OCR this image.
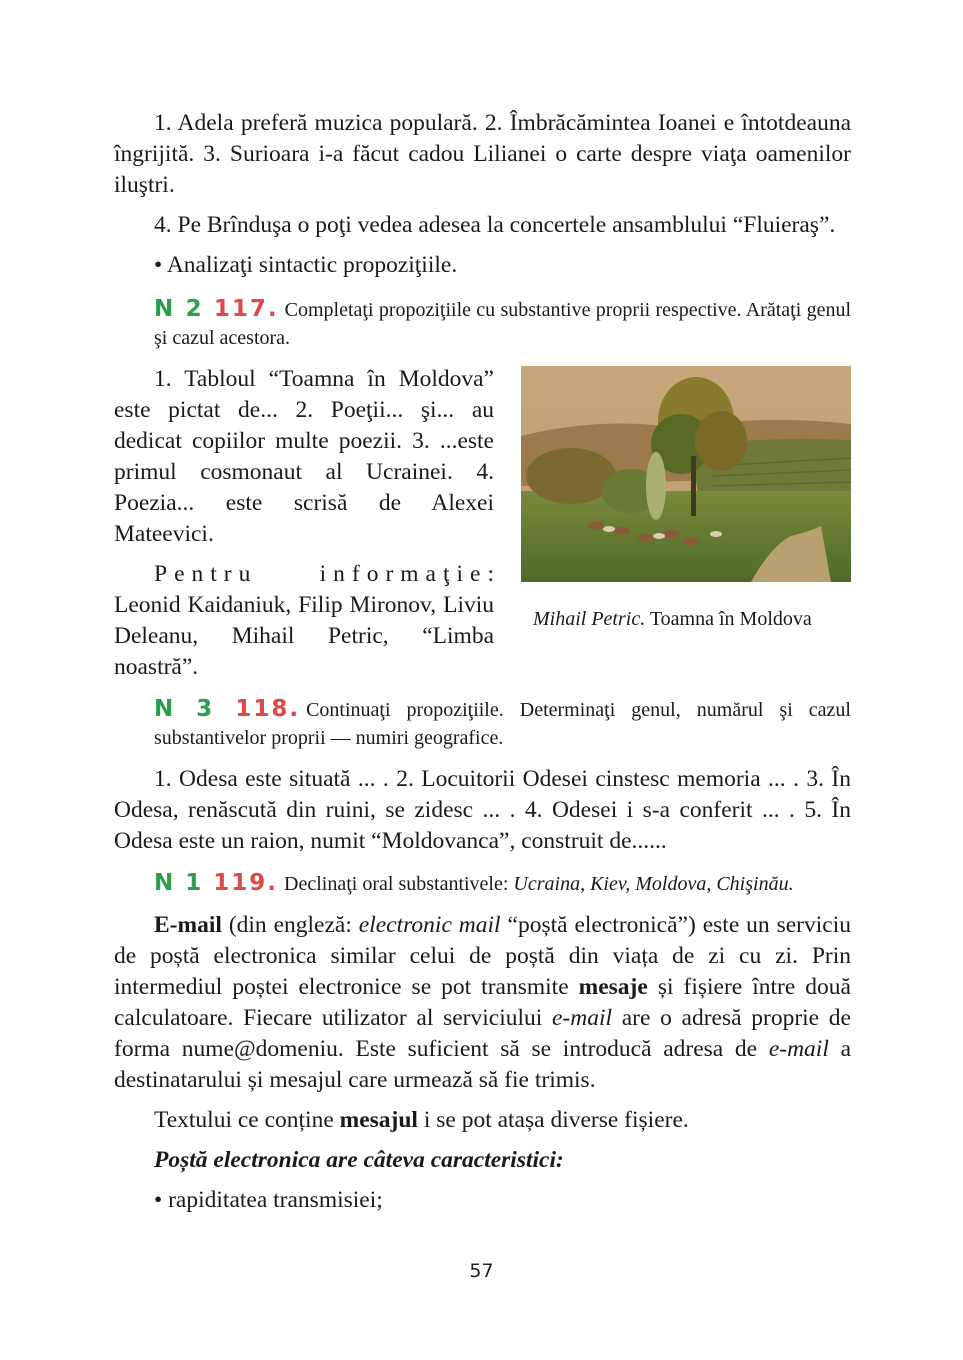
1. Adela preferă muzica populară. 2. Îmbrăcămintea Ioanei e întotdeauna îngrijită. 3. Surioara i-a făcut cadou Lilianei o carte despre viaţa oamenilor iluştri.

4. Pe Brînduşa o poţi vedea adesea la concertele ansamblului “Fluieraş”.

• Analizaţi sintactic propoziţiile.

N 2 117. Completaţi propoziţiile cu substantive proprii respective. Arătaţi genul şi cazul acestora.

1. Tabloul “Toamna în Moldova” este pictat de... 2. Poeţii... şi... au dedicat copiilor multe poezii. 3. ...este primul cosmonaut al Ucrainei. 4. Poezia... este scrisă de Alexei Mateevici.

Pentru informaţie: Leonid Kaidaniuk, Filip Mironov, Liviu Deleanu, Mihail Petric, “Limba noastră”.

Mihail Petric. Toamna în Moldova

N 3 118. Continuaţi propoziţiile. Determinaţi genul, numărul şi cazul substantivelor proprii — numiri geografice.

1. Odesa este situată ... . 2. Locuitorii Odesei cinstesc memoria ... . 3. În Odesa, renăscută din ruini, se zidesc ... . 4. Odesei i s-a conferit ... . 5. În Odesa este un raion, numit “Moldovanca”, construit de......

N 1 119. Declinaţi oral substantivele: Ucraina, Kiev, Moldova, Chişinău.

E-mail (din engleză: electronic mail “poștă electronică”) este un serviciu de poștă electronica similar celui de poștă din viața de zi cu zi. Prin intermediul poștei electronice se pot transmite mesaje și fișiere între două calculatoare. Fiecare utilizator al serviciului e-mail are o adresă proprie de forma nume@domeniu. Este suficient să se introducă adresa de e-mail a destinatarului și mesajul care urmează să fie trimis.

Textului ce conține mesajul i se pot atașa diverse fișiere.

Poștă electronica are câteva caracteristici:

• rapiditatea transmisiei;

57
